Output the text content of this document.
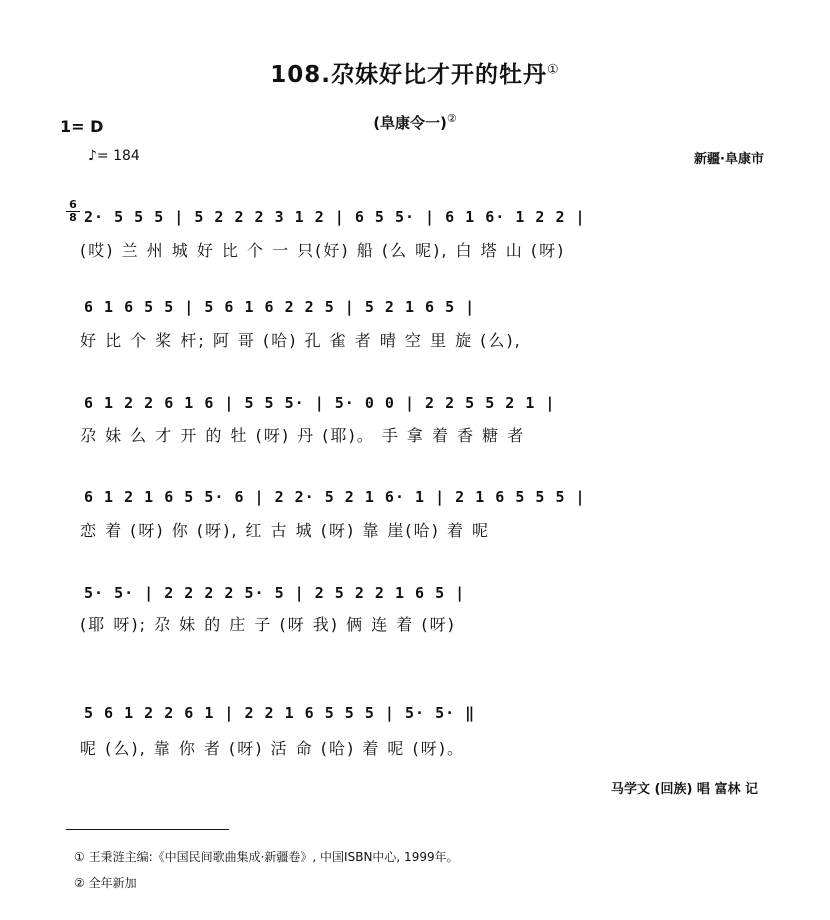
108.尕妹好比才开的牡丹①
(阜康令一)②
1= D
♪= 184	新疆·阜康市
6
8 2· 5 5 5 | 5 2 2 2 3 1 2 | 6 5 5· | 6 1 6· 1 2 2 |
(哎) 兰 州 城 好 比 个 一 只(好) 船 (么 呢), 白 塔 山 (呀)
6 1 6 5 5 | 5 6 1 6 2 2 5 | 5 2 1 6 5 |
好 比 个 桨 杆; 阿 哥 (哈) 孔 雀 者 晴 空 里 旋 (么),
6 1 2 2 6 1 6 | 5 5 5· | 5· 0 0 | 2 2 5 5 2 1 |
尕 妹 么 才 开 的 牡 (呀) 丹 (耶)。 手 拿 着 香 糖 者
6 1 2 1 6 5 5· 6 | 2 2· 5 2 1 6· 1 | 2 1 6 5 5 5 |
恋 着 (呀) 你 (呀), 红 古 城 (呀) 靠 崖(哈) 着 呢
5· 5· | 2 2 2 2 5· 5 | 2 5 2 2 1 6 5 |
(耶 呀); 尕 妹 的 庄 子 (呀 我) 俩 连 着 (呀)
5 6 1 2 2 6 1 | 2 2 1 6 5 5 5 | 5· 5· ‖
呢 (么), 靠 你 者 (呀) 活 命 (哈) 着 呢 (呀)。
马学文 (回族) 唱 富林 记
① 王秉涟主编:《中国民间歌曲集成·新疆卷》, 中国ISBN中心, 1999年。
② 全年新加
